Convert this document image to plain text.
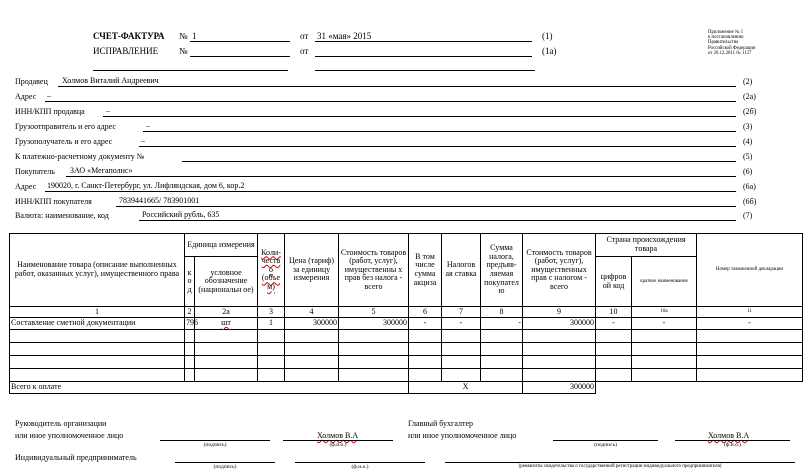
СЧЕТ-ФАКТУРА № 1	от 31 «мая» 2015	(1)
ИСПРАВЛЕНИЕ №	от	(1а)
Приложение № 1
к постановлению
Правительства
Российской Федерации
от 26.12.2011 № 1137
Продавец Холмов Виталий Андреевич	(2)
Адрес –	(2а)
ИНН/КПП продавца	–	(2б)
Грузоотправитель и его адрес	–	(3)
Грузополучатель и его адрес	–	(4)
К платежно-расчетному документу №	(5)
Покупатель ЗАО «Мегаполис»	(6)
Адрес 190020, г. Санкт-Петербург, ул. Лифляндская, дом 6, кор.2	(6а)
ИНН/КПП покупателя	7839441665/ 783901001	(6б)
Валюта: наименование, код	Российский рубль, 635	(7)
Наименование товара (описание выполненных работ, оказанных услуг), имущественного права	Единица измерения		Коли-честв о (объе м)	Цена (тариф) за единицу измерения	Стоимость товаров (работ, услуг), имущественны х прав без налога - всего	В том числе сумма акциза	Налогов ая ставка	Сумма налога, предъяв-ляемая покупател ю	Стоимость товаров (работ, услуг), имущественных прав с налогом - всего	Страна происхождения товара		Номер таможенной декларации
	к о д	условное обозначение (национальн ое)								цифров ой код	краткое наименование	
1	2	2а	3	4	5	6	7	8	9	10	10а	11
Составление сметной документации	796	шт	1	300000	300000	-	-	-	300000	-	-	-

Всего к оплате						X			300000			
Руководитель организации
или иное уполномоченное лицо
(подпись)
Холмов В.А
(ф.и.о.)
Главный бухгалтер
или иное уполномоченное лицо
(подпись)
Холмов В.А
(ф.и.о.)
Индивидуальный предприниматель
(подпись)	(ф.и.о.)	(реквизиты свидетельства о государственной регистрации индивидуального предпринимателя)
